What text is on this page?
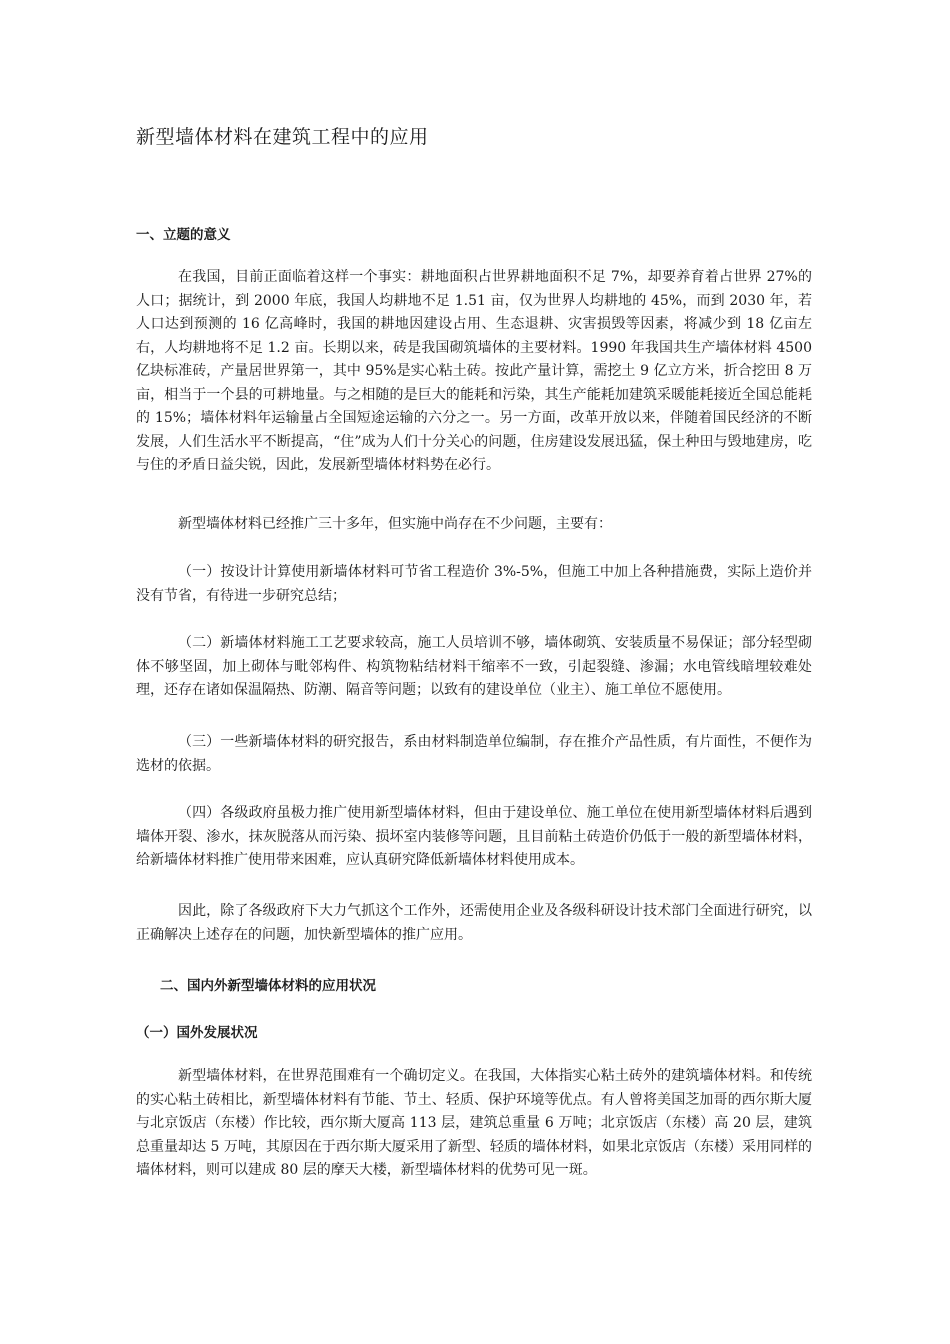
新型墙体材料在建筑工程中的应用
一、立题的意义

在我国，目前正面临着这样一个事实：耕地面积占世界耕地面积不足 7%，却要养育着占世界 27%的人口；据统计，到 2000 年底，我国人均耕地不足 1.51 亩，仅为世界人均耕地的 45%，而到 2030 年，若人口达到预测的 16 亿高峰时，我国的耕地因建设占用、生态退耕、灾害损毁等因素，将减少到 18 亿亩左右，人均耕地将不足 1.2 亩。长期以来，砖是我国砌筑墙体的主要材料。1990 年我国共生产墙体材料 4500 亿块标准砖，产量居世界第一，其中 95%是实心粘土砖。按此产量计算，需挖土 9 亿立方米，折合挖田 8 万亩，相当于一个县的可耕地量。与之相随的是巨大的能耗和污染，其生产能耗加建筑采暖能耗接近全国总能耗的 15%；墙体材料年运输量占全国短途运输的六分之一。另一方面，改革开放以来，伴随着国民经济的不断发展，人们生活水平不断提高，“住”成为人们十分关心的问题，住房建设发展迅猛，保土种田与毁地建房，吃与住的矛盾日益尖锐，因此，发展新型墙体材料势在必行。

新型墙体材料已经推广三十多年，但实施中尚存在不少问题，主要有：

（一）按设计计算使用新墙体材料可节省工程造价 3%-5%，但施工中加上各种措施费，实际上造价并没有节省，有待进一步研究总结；

（二）新墙体材料施工工艺要求较高，施工人员培训不够，墙体砌筑、安装质量不易保证；部分轻型砌体不够坚固，加上砌体与毗邻构件、构筑物粘结材料干缩率不一致，引起裂缝、渗漏；水电管线暗埋较难处理，还存在诸如保温隔热、防潮、隔音等问题；以致有的建设单位（业主）、施工单位不愿使用。

（三）一些新墙体材料的研究报告，系由材料制造单位编制，存在推介产品性质，有片面性，不便作为选材的依据。

（四）各级政府虽极力推广使用新型墙体材料，但由于建设单位、施工单位在使用新型墙体材料后遇到墙体开裂、渗水，抹灰脱落从而污染、损坏室内装修等问题，且目前粘土砖造价仍低于一般的新型墙体材料，给新墙体材料推广使用带来困难，应认真研究降低新墙体材料使用成本。

因此，除了各级政府下大力气抓这个工作外，还需使用企业及各级科研设计技术部门全面进行研究，以正确解决上述存在的问题，加快新型墙体的推广应用。

二、国内外新型墙体材料的应用状况
（一）国外发展状况

新型墙体材料，在世界范围难有一个确切定义。在我国，大体指实心粘土砖外的建筑墙体材料。和传统的实心粘土砖相比，新型墙体材料有节能、节土、轻质、保护环境等优点。有人曾将美国芝加哥的西尔斯大厦与北京饭店（东楼）作比较，西尔斯大厦高 113 层，建筑总重量 6 万吨；北京饭店（东楼）高 20 层，建筑总重量却达 5 万吨，其原因在于西尔斯大厦采用了新型、轻质的墙体材料，如果北京饭店（东楼）采用同样的墙体材料，则可以建成 80 层的摩天大楼，新型墙体材料的优势可见一斑。
